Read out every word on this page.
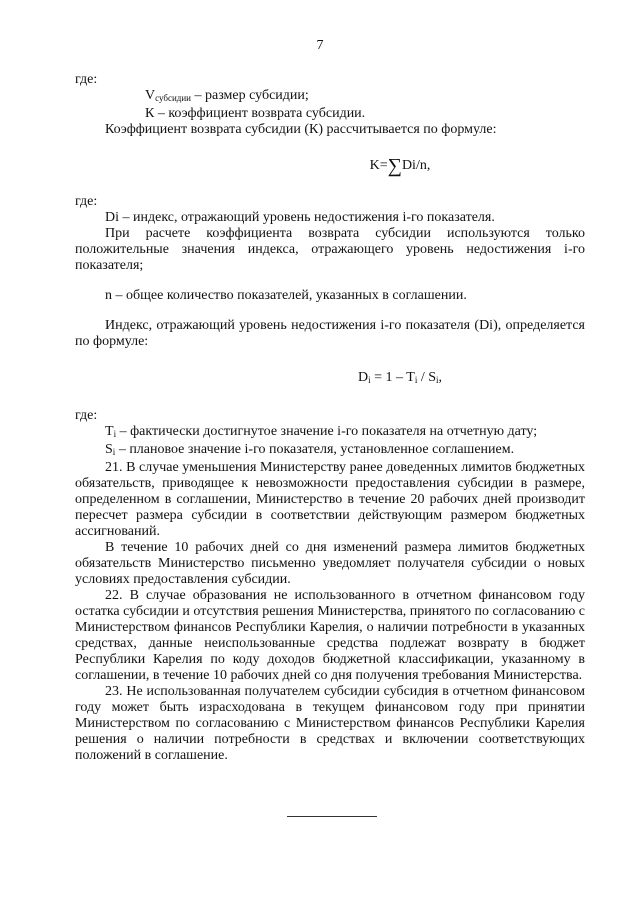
7

где:

$V_{субсидии}$ – размер субсидии;

К – коэффициент возврата субсидии.

Коэффициент возврата субсидии (К) рассчитывается по формуле:

K=∑Di/n,

где:

Di – индекс, отражающий уровень недостижения i-го показателя.

При расчете коэффициента возврата субсидии используются только положительные значения индекса, отражающего уровень недостижения i-го показателя;

n – общее количество показателей, указанных в соглашении.

Индекс, отражающий уровень недостижения i-го показателя (Di), определяется по формуле:

$D_i = 1 - T_i / S_i$,

где:

$T_i$ – фактически достигнутое значение i-го показателя на отчетную дату;

$S_i$ – плановое значение i-го показателя, установленное соглашением.

21. В случае уменьшения Министерству ранее доведенных лимитов бюджетных обязательств, приводящее к невозможности предоставления субсидии в размере, определенном в соглашении, Министерство в течение 20 рабочих дней производит пересчет размера субсидии в соответствии действующим размером бюджетных ассигнований.

В течение 10 рабочих дней со дня изменений размера лимитов бюджетных обязательств Министерство письменно уведомляет получателя субсидии о новых условиях предоставления субсидии.

22. В случае образования не использованного в отчетном финансовом году остатка субсидии и отсутствия решения Министерства, принятого по согласованию с Министерством финансов Республики Карелия, о наличии потребности в указанных средствах, данные неиспользованные средства подлежат возврату в бюджет Республики Карелия по коду доходов бюджетной классификации, указанному в соглашении, в течение 10 рабочих дней со дня получения требования Министерства.

23. Не использованная получателем субсидии субсидия в отчетном финансовом году может быть израсходована в текущем финансовом году при принятии Министерством по согласованию с Министерством финансов Республики Карелия решения о наличии потребности в средствах и включении соответствующих положений в соглашение.
